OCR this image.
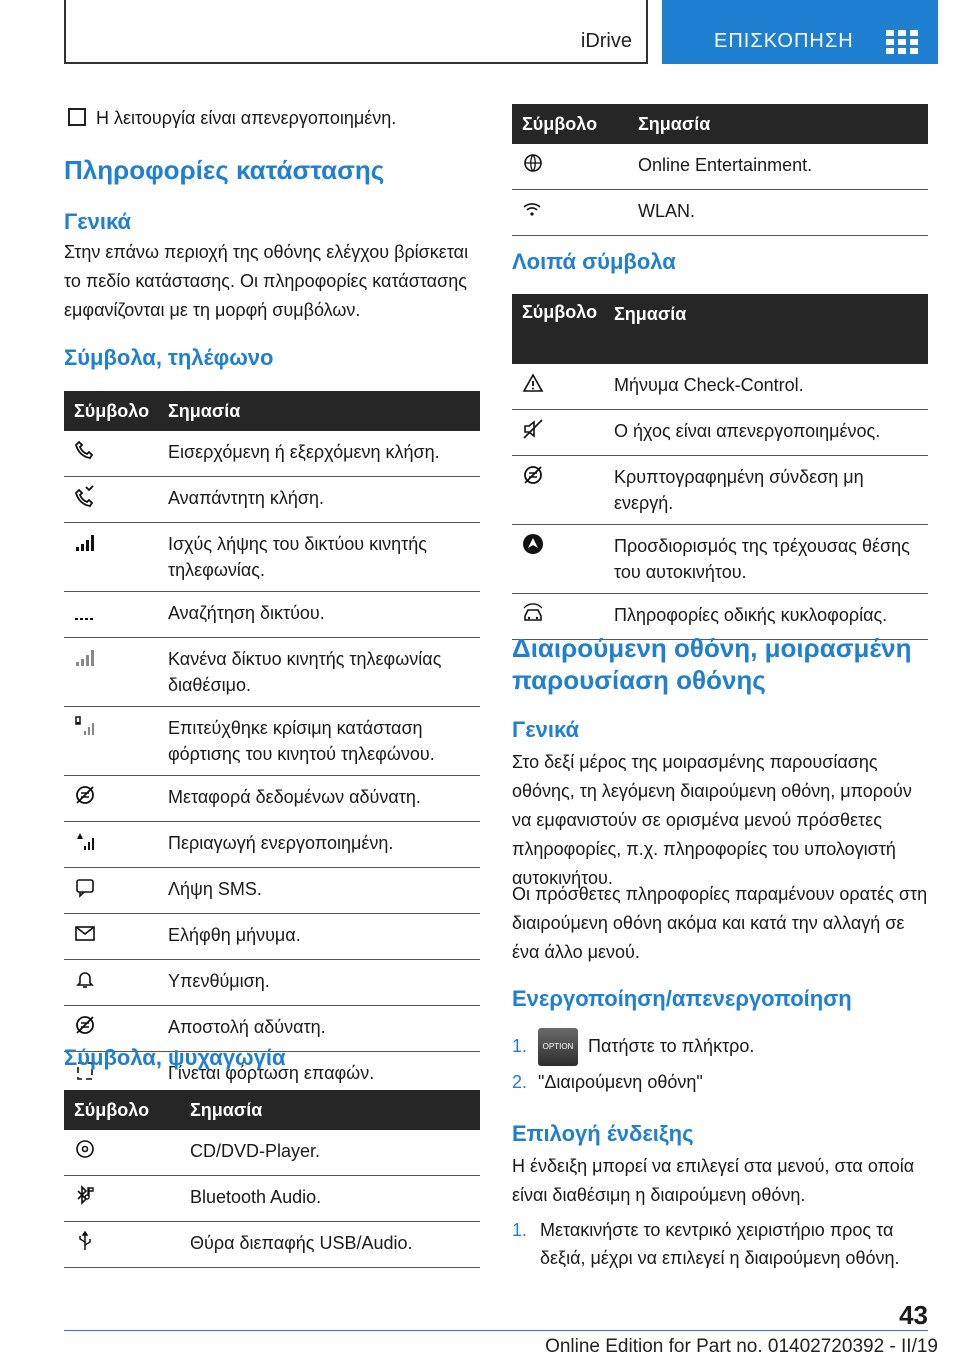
iDrive	ΕΠΙΣΚΟΠΗΣΗ
Η λειτουργία είναι απενεργοποιημένη.
Πληροφορίες κατάστασης
Γενικά
Στην επάνω περιοχή της οθόνης ελέγχου βρίσκεται το πεδίο κατάστασης. Οι πληροφορίες κατάστασης εμφανίζονται με τη μορφή συμβόλων.
Σύμβολα, τηλέφωνο
Σύμβολο	Σημασία

	Εισερχόμενη ή εξερχόμενη κλήση.

	Αναπάντητη κλήση.

	Ισχύς λήψης του δικτύου κινητής τηλεφωνίας.

	Αναζήτηση δικτύου.

	Κανένα δίκτυο κινητής τηλεφωνίας διαθέσιμο.

	Επιτεύχθηκε κρίσιμη κατάσταση φόρτισης του κινητού τηλεφώνου.

	Μεταφορά δεδομένων αδύνατη.

	Περιαγωγή ενεργοποιημένη.

	Λήψη SMS.

	Ελήφθη μήνυμα.

	Υπενθύμιση.

	Αποστολή αδύνατη.

	Γίνεται φόρτωση επαφών.
Σύμβολα, ψυχαγωγία
Σύμβολο	Σημασία

	CD/DVD-Player.

	Bluetooth Audio.

	Θύρα διεπαφής USB/Audio.
Σύμβολο	Σημασία

	Online Entertainment.

	WLAN.
Λοιπά σύμβολα
Σύμβολο	Σημασία

	Μήνυμα Check-Control.

	Ο ήχος είναι απενεργοποιημένος.

	Κρυπτογραφημένη σύνδεση μη ενεργή.

	Προσδιορισμός της τρέχουσας θέσης του αυτοκινήτου.

	Πληροφορίες οδικής κυκλοφορίας.
Διαιρούμενη οθόνη, μοιρασμένη παρουσίαση οθόνης
Γενικά
Στο δεξί μέρος της μοιρασμένης παρουσίασης οθόνης, τη λεγόμενη διαιρούμενη οθόνη, μπορούν να εμφανιστούν σε ορισμένα μενού πρόσθετες πληροφορίες, π.χ. πληροφορίες του υπολογιστή αυτοκινήτου.
Οι πρόσθετες πληροφορίες παραμένουν ορατές στη διαιρούμενη οθόνη ακόμα και κατά την αλλαγή σε ένα άλλο μενού.
Ενεργοποίηση/απενεργοποίηση
1. OPTION Πατήστε το πλήκτρο.
2. "Διαιρούμενη οθόνη"
Επιλογή ένδειξης
Η ένδειξη μπορεί να επιλεγεί στα μενού, στα οποία είναι διαθέσιμη η διαιρούμενη οθόνη.
1. Μετακινήστε το κεντρικό χειριστήριο προς τα δεξιά, μέχρι να επιλεγεί η διαιρούμενη οθόνη.
43
Online Edition for Part no. 01402720392 - II/19
